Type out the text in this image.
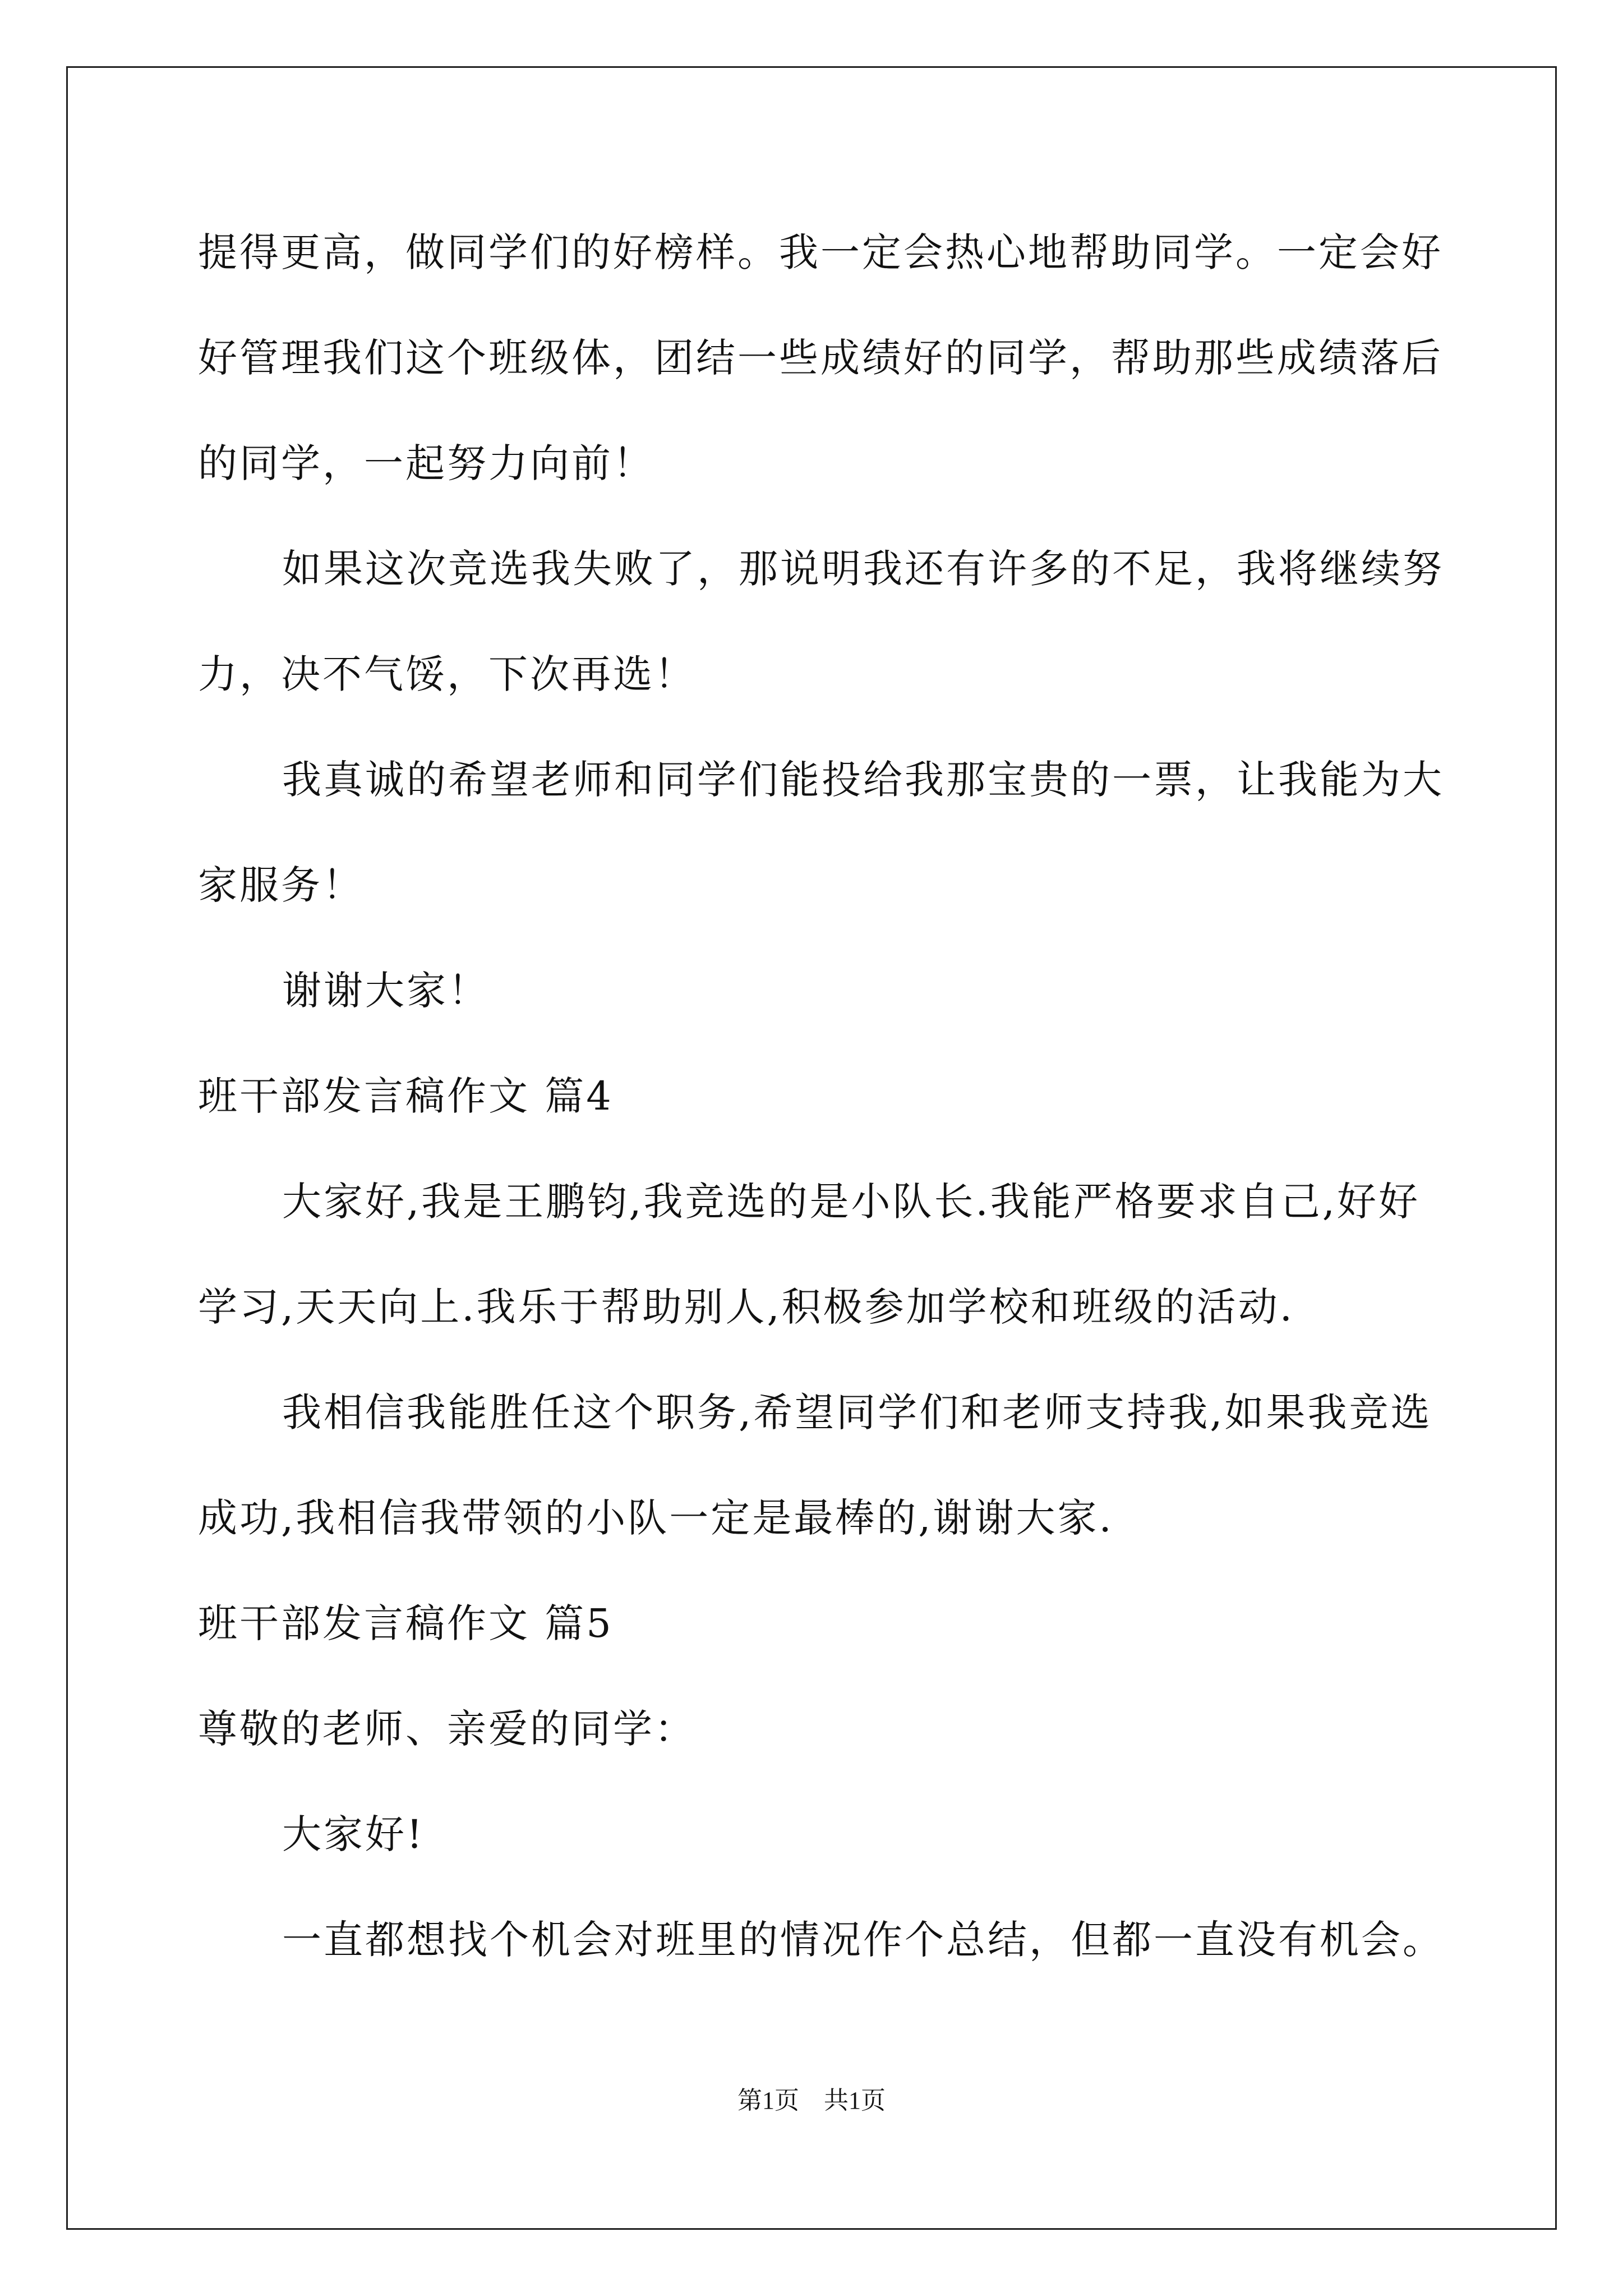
提得更高，做同学们的好榜样。我一定会热心地帮助同学。一定会好
好管理我们这个班级体，团结一些成绩好的同学，帮助那些成绩落后
的同学，一起努力向前！
如果这次竞选我失败了，那说明我还有许多的不足，我将继续努
力，决不气馁，下次再选！
我真诚的希望老师和同学们能投给我那宝贵的一票，让我能为大
家服务！
谢谢大家！
班干部发言稿作文 篇4
大家好,我是王鹏钧,我竞选的是小队长.我能严格要求自己,好好
学习,天天向上.我乐于帮助别人,积极参加学校和班级的活动.
我相信我能胜任这个职务,希望同学们和老师支持我,如果我竞选
成功,我相信我带领的小队一定是最棒的,谢谢大家.
班干部发言稿作文 篇5
尊敬的老师、亲爱的同学：
大家好!
一直都想找个机会对班里的情况作个总结，但都一直没有机会。
第1页　共1页
